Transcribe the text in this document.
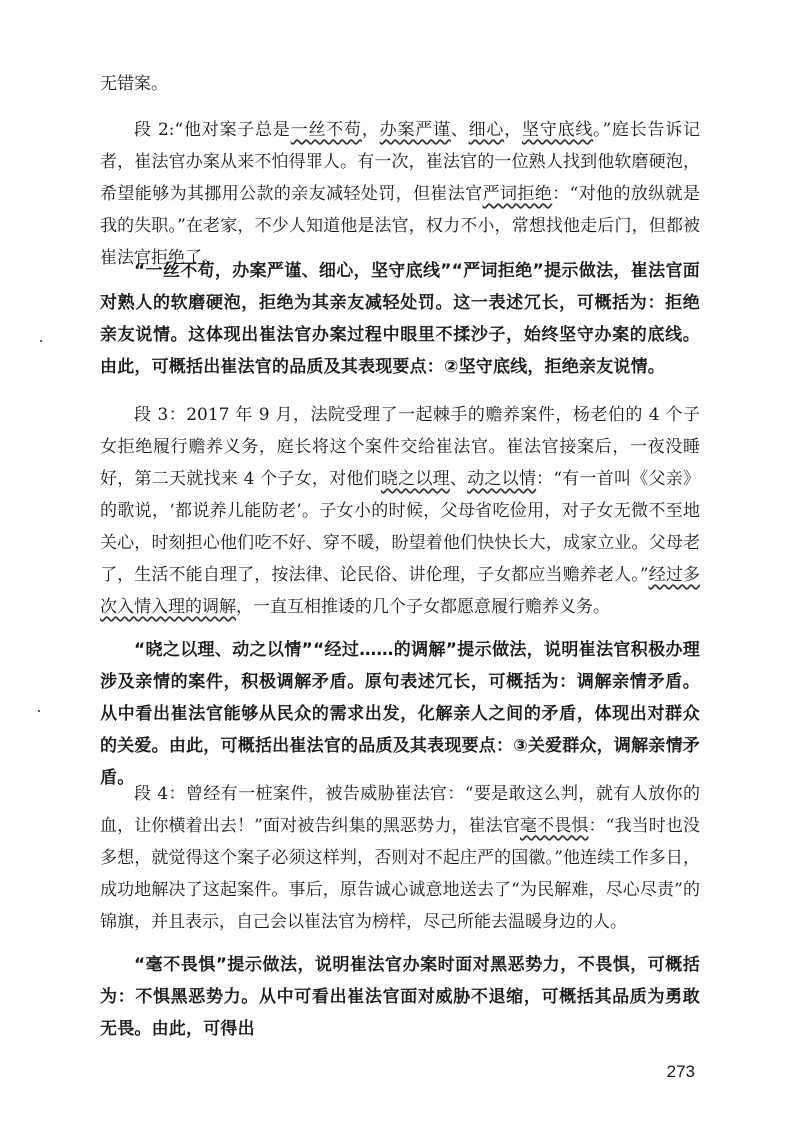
无错案。

段 2:“他对案子总是一丝不苟，办案严谨、细心，坚守底线。”庭长告诉记者，崔法官办案从来不怕得罪人。有一次，崔法官的一位熟人找到他软磨硬泡，希望能够为其挪用公款的亲友减轻处罚，但崔法官严词拒绝：“对他的放纵就是我的失职。”在老家，不少人知道他是法官，权力不小，常想找他走后门，但都被崔法官拒绝了。

“一丝不苟，办案严谨、细心，坚守底线”“严词拒绝”提示做法，崔法官面对熟人的软磨硬泡，拒绝为其亲友减轻处罚。这一表述冗长，可概括为：拒绝亲友说情。这体现出崔法官办案过程中眼里不揉沙子，始终坚守办案的底线。由此，可概括出崔法官的品质及其表现要点：②坚守底线，拒绝亲友说情。

段 3：2017 年 9 月，法院受理了一起棘手的赡养案件，杨老伯的 4 个子女拒绝履行赡养义务，庭长将这个案件交给崔法官。崔法官接案后，一夜没睡好，第二天就找来 4 个子女，对他们晓之以理、动之以情：“有一首叫《父亲》的歌说，‘都说养儿能防老’。子女小的时候，父母省吃俭用，对子女无微不至地关心，时刻担心他们吃不好、穿不暖，盼望着他们快快长大，成家立业。父母老了，生活不能自理了，按法律、论民俗、讲伦理，子女都应当赡养老人。”经过多次入情入理的调解，一直互相推诿的几个子女都愿意履行赡养义务。

“晓之以理、动之以情”“经过……的调解”提示做法，说明崔法官积极办理涉及亲情的案件，积极调解矛盾。原句表述冗长，可概括为：调解亲情矛盾。从中看出崔法官能够从民众的需求出发，化解亲人之间的矛盾，体现出对群众的关爱。由此，可概括出崔法官的品质及其表现要点：③关爱群众，调解亲情矛盾。

段 4：曾经有一桩案件，被告威胁崔法官：“要是敢这么判，就有人放你的血，让你横着出去！”面对被告纠集的黑恶势力，崔法官毫不畏惧：“我当时也没多想，就觉得这个案子必须这样判，否则对不起庄严的国徽。”他连续工作多日，成功地解决了这起案件。事后，原告诚心诚意地送去了“为民解难，尽心尽责”的锦旗，并且表示，自己会以崔法官为榜样，尽己所能去温暖身边的人。

“毫不畏惧”提示做法，说明崔法官办案时面对黑恶势力，不畏惧，可概括为：不惧黑恶势力。从中可看出崔法官面对威胁不退缩，可概括其品质为勇敢无畏。由此，可得出

273
